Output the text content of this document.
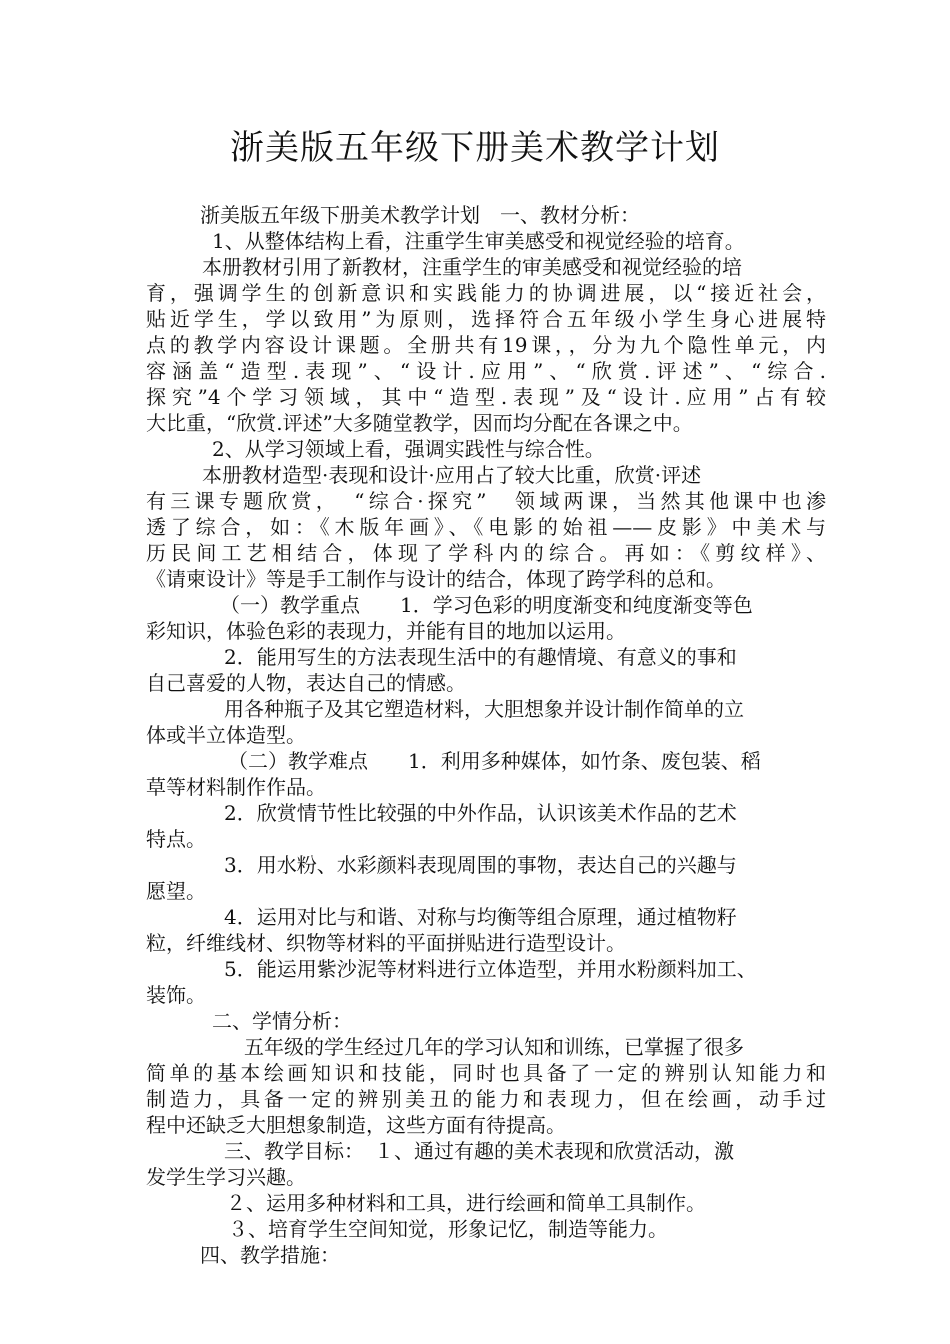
浙美版五年级下册美术教学计划
浙美版五年级下册美术教学计划　一、教材分析：
1、从整体结构上看，注重学生审美感受和视觉经验的培育。
本册教材引用了新教材，注重学生的审美感受和视觉经验的培
育，强调学生的创新意识和实践能力的协调进展，以“接近社会，
贴近学生，学以致用”为原则，选择符合五年级小学生身心进展特
点的教学内容设计课题。全册共有19课，，分为九个隐性单元，内
容涵盖“造型.表现”、“设计.应用”、“欣赏.评述”、“综合.
探究”4个学习领域，其中“造型.表现”及“设计.应用”占有较
大比重，“欣赏.评述”大多随堂教学，因而均分配在各课之中。
2、从学习领域上看，强调实践性与综合性。
本册教材造型·表现和设计·应用占了较大比重，欣赏·评述
有三课专题欣赏，　“综合·探究”　领域两课，当然其他课中也渗
透了综合，如：《木版年画》、《电影的始祖——皮影》中美术与
历民间工艺相结合，体现了学科内的综合。再如：《剪纹样》、
《请柬设计》等是手工制作与设计的结合，体现了跨学科的总和。
（一）教学重点　　1．学习色彩的明度渐变和纯度渐变等色
彩知识，体验色彩的表现力，并能有目的地加以运用。
2．能用写生的方法表现生活中的有趣情境、有意义的事和
自己喜爱的人物，表达自己的情感。
用各种瓶子及其它塑造材料，大胆想象并设计制作简单的立
体或半立体造型。
（二）教学难点　　1．利用多种媒体，如竹条、废包装、稻
草等材料制作作品。
2．欣赏情节性比较强的中外作品，认识该美术作品的艺术
特点。
3．用水粉、水彩颜料表现周围的事物，表达自己的兴趣与
愿望。
4．运用对比与和谐、对称与均衡等组合原理，通过植物籽
粒，纤维线材、织物等材料的平面拼贴进行造型设计。
5．能运用紫沙泥等材料进行立体造型，并用水粉颜料加工、
装饰。
二、学情分析：
五年级的学生经过几年的学习认知和训练，已掌握了很多
简单的基本绘画知识和技能，同时也具备了一定的辨别认知能力和
制造力，具备一定的辨别美丑的能力和表现力，但在绘画，动手过
程中还缺乏大胆想象制造，这些方面有待提高。
三、教学目标：　１、通过有趣的美术表现和欣赏活动，激
发学生学习兴趣。
２、运用多种材料和工具，进行绘画和简单工具制作。
３、培育学生空间知觉，形象记忆，制造等能力。
四、教学措施：
